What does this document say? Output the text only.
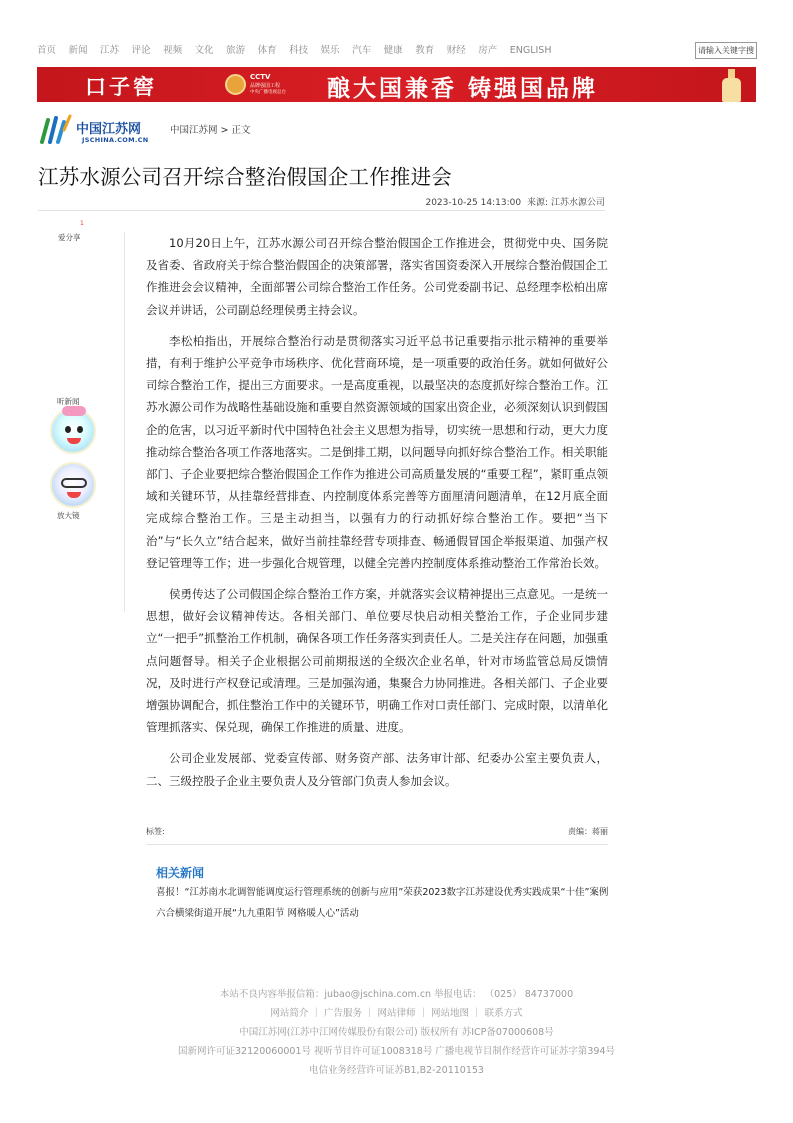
首页 新闻 江苏 评论 视频 文化 旅游 体育 科技 娱乐 汽车 健康 教育 财经 房产 ENGLISH	请输入关键字搜
口子窖	CCTV
品牌强国工程
中央广播电视总台 酿大国兼香 铸强国品牌
中国江苏网
JSCHINA.COM.CN
中国江苏网 > 正文
江苏水源公司召开综合整治假国企工作推进会
2023-10-25 14:13:00 来源: 江苏水源公司
1
爱分享
听新闻
放大镜

10月20日上午，江苏水源公司召开综合整治假国企工作推进会，贯彻党中央、国务院及省委、省政府关于综合整治假国企的决策部署，落实省国资委深入开展综合整治假国企工作推进会会议精神，全面部署公司综合整治工作任务。公司党委副书记、总经理李松柏出席会议并讲话，公司副总经理侯勇主持会议。

李松柏指出，开展综合整治行动是贯彻落实习近平总书记重要指示批示精神的重要举措，有利于维护公平竞争市场秩序、优化营商环境，是一项重要的政治任务。就如何做好公司综合整治工作，提出三方面要求。一是高度重视，以最坚决的态度抓好综合整治工作。江苏水源公司作为战略性基础设施和重要自然资源领域的国家出资企业，必须深刻认识到假国企的危害，以习近平新时代中国特色社会主义思想为指导，切实统一思想和行动，更大力度推动综合整治各项工作落地落实。二是倒排工期，以问题导向抓好综合整治工作。相关职能部门、子企业要把综合整治假国企工作作为推进公司高质量发展的“重要工程”，紧盯重点领域和关键环节，从挂靠经营排查、内控制度体系完善等方面厘清问题清单，在12月底全面完成综合整治工作。三是主动担当，以强有力的行动抓好综合整治工作。要把“当下治”与“长久立”结合起来，做好当前挂靠经营专项排查、畅通假冒国企举报渠道、加强产权登记管理等工作；进一步强化合规管理，以健全完善内控制度体系推动整治工作常治长效。

侯勇传达了公司假国企综合整治工作方案，并就落实会议精神提出三点意见。一是统一思想，做好会议精神传达。各相关部门、单位要尽快启动相关整治工作，子企业同步建立“一把手”抓整治工作机制，确保各项工作任务落实到责任人。二是关注存在问题，加强重点问题督导。相关子企业根据公司前期报送的全级次企业名单，针对市场监管总局反馈情况，及时进行产权登记或清理。三是加强沟通，集聚合力协同推进。各相关部门、子企业要增强协调配合，抓住整治工作中的关键环节，明确工作对口责任部门、完成时限，以清单化管理抓落实、保兑现，确保工作推进的质量、进度。

公司企业发展部、党委宣传部、财务资产部、法务审计部、纪委办公室主要负责人，二、三级控股子企业主要负责人及分管部门负责人参加会议。

标签:	责编：蒋丽
相关新闻
喜报！“江苏南水北调智能调度运行管理系统的创新与应用”荣获2023数字江苏建设优秀实践成果“十佳”案例
六合横梁街道开展“九九重阳节 网格暖人心”活动
本站不良内容举报信箱：jubao@jschina.com.cn 举报电话： （025） 84737000
网站简介 ｜ 广告服务 ｜ 网站律师 ｜ 网站地图 ｜ 联系方式
中国江苏网(江苏中江网传媒股份有限公司) 版权所有 苏ICP备07000608号
国新网许可证32120060001号 视听节目许可证1008318号 广播电视节目制作经营许可证苏字第394号
电信业务经营许可证苏B1,B2-20110153
